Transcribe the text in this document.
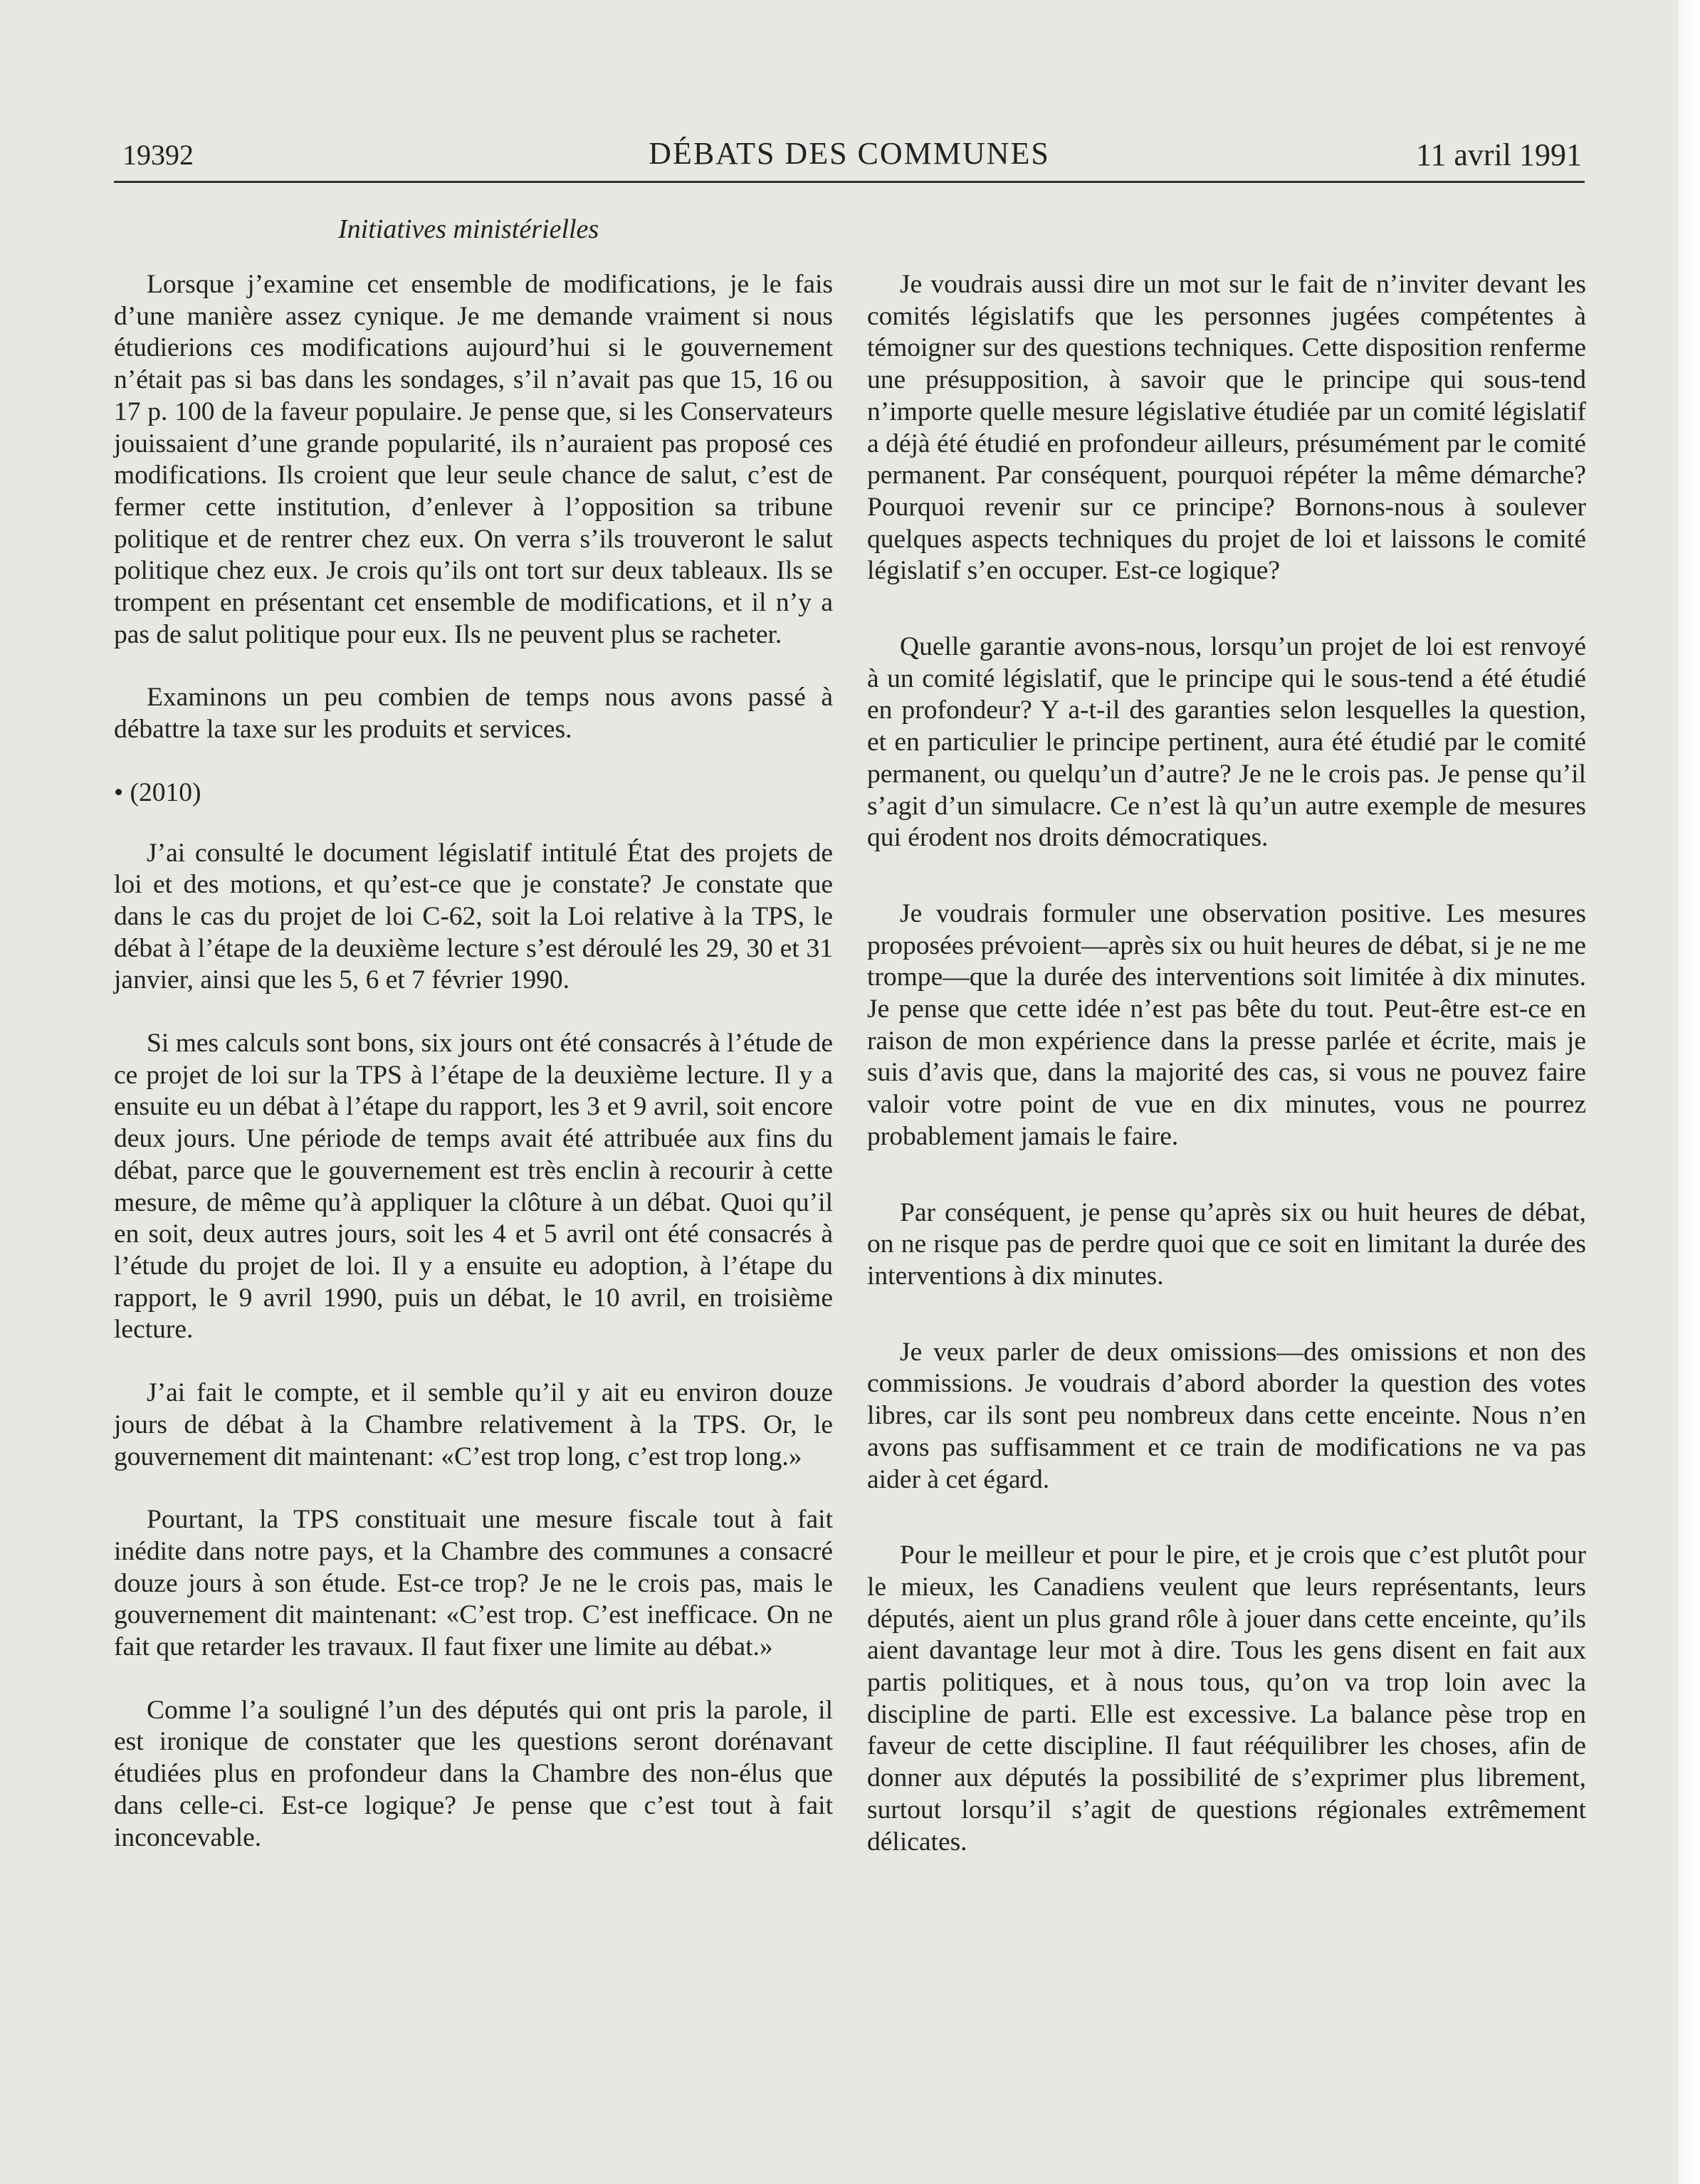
19392	DÉBATS DES COMMUNES	11 avril 1991
Initiatives ministérielles

Lorsque j’examine cet ensemble de modifications, je le fais d’une manière assez cynique. Je me demande vraiment si nous étudierions ces modifications aujourd’hui si le gouvernement n’était pas si bas dans les sondages, s’il n’avait pas que 15, 16 ou 17 p. 100 de la faveur populaire. Je pense que, si les Conservateurs jouissaient d’une grande popularité, ils n’auraient pas proposé ces modifications. Ils croient que leur seule chance de salut, c’est de fermer cette institution, d’enlever à l’opposition sa tribune politique et de rentrer chez eux. On verra s’ils trouveront le salut politique chez eux. Je crois qu’ils ont tort sur deux tableaux. Ils se trompent en présentant cet ensemble de modifications, et il n’y a pas de salut politique pour eux. Ils ne peuvent plus se racheter.

Examinons un peu combien de temps nous avons passé à débattre la taxe sur les produits et services.

• (2010)

J’ai consulté le document législatif intitulé État des projets de loi et des motions, et qu’est-ce que je constate? Je constate que dans le cas du projet de loi C-62, soit la Loi relative à la TPS, le débat à l’étape de la deuxième lecture s’est déroulé les 29, 30 et 31 janvier, ainsi que les 5, 6 et 7 février 1990.

Si mes calculs sont bons, six jours ont été consacrés à l’étude de ce projet de loi sur la TPS à l’étape de la deuxième lecture. Il y a ensuite eu un débat à l’étape du rapport, les 3 et 9 avril, soit encore deux jours. Une période de temps avait été attribuée aux fins du débat, parce que le gouvernement est très enclin à recourir à cette mesure, de même qu’à appliquer la clôture à un débat. Quoi qu’il en soit, deux autres jours, soit les 4 et 5 avril ont été consacrés à l’étude du projet de loi. Il y a ensuite eu adoption, à l’étape du rapport, le 9 avril 1990, puis un débat, le 10 avril, en troisième lecture.

J’ai fait le compte, et il semble qu’il y ait eu environ douze jours de débat à la Chambre relativement à la TPS. Or, le gouvernement dit maintenant: «C’est trop long, c’est trop long.»

Pourtant, la TPS constituait une mesure fiscale tout à fait inédite dans notre pays, et la Chambre des communes a consacré douze jours à son étude. Est-ce trop? Je ne le crois pas, mais le gouvernement dit maintenant: «C’est trop. C’est inefficace. On ne fait que retarder les travaux. Il faut fixer une limite au débat.»

Comme l’a souligné l’un des députés qui ont pris la parole, il est ironique de constater que les questions seront dorénavant étudiées plus en profondeur dans la Chambre des non-élus que dans celle-ci. Est-ce logique? Je pense que c’est tout à fait inconcevable.

Je voudrais aussi dire un mot sur le fait de n’inviter devant les comités législatifs que les personnes jugées compétentes à témoigner sur des questions techniques. Cette disposition renferme une présupposition, à savoir que le principe qui sous-tend n’importe quelle mesure législative étudiée par un comité législatif a déjà été étudié en profondeur ailleurs, présumément par le comité permanent. Par conséquent, pourquoi répéter la même démarche? Pourquoi revenir sur ce principe? Bornons-nous à soulever quelques aspects techniques du projet de loi et laissons le comité législatif s’en occuper. Est-ce logique?

Quelle garantie avons-nous, lorsqu’un projet de loi est renvoyé à un comité législatif, que le principe qui le sous-tend a été étudié en profondeur? Y a-t-il des garanties selon lesquelles la question, et en particulier le principe pertinent, aura été étudié par le comité permanent, ou quelqu’un d’autre? Je ne le crois pas. Je pense qu’il s’agit d’un simulacre. Ce n’est là qu’un autre exemple de mesures qui érodent nos droits démocratiques.

Je voudrais formuler une observation positive. Les mesures proposées prévoient—après six ou huit heures de débat, si je ne me trompe—que la durée des interventions soit limitée à dix minutes. Je pense que cette idée n’est pas bête du tout. Peut-être est-ce en raison de mon expérience dans la presse parlée et écrite, mais je suis d’avis que, dans la majorité des cas, si vous ne pouvez faire valoir votre point de vue en dix minutes, vous ne pourrez probablement jamais le faire.

Par conséquent, je pense qu’après six ou huit heures de débat, on ne risque pas de perdre quoi que ce soit en limitant la durée des interventions à dix minutes.

Je veux parler de deux omissions—des omissions et non des commissions. Je voudrais d’abord aborder la question des votes libres, car ils sont peu nombreux dans cette enceinte. Nous n’en avons pas suffisamment et ce train de modifications ne va pas aider à cet égard.

Pour le meilleur et pour le pire, et je crois que c’est plutôt pour le mieux, les Canadiens veulent que leurs représentants, leurs députés, aient un plus grand rôle à jouer dans cette enceinte, qu’ils aient davantage leur mot à dire. Tous les gens disent en fait aux partis politiques, et à nous tous, qu’on va trop loin avec la discipline de parti. Elle est excessive. La balance pèse trop en faveur de cette discipline. Il faut rééquilibrer les choses, afin de donner aux députés la possibilité de s’exprimer plus librement, surtout lorsqu’il s’agit de questions régionales extrêmement délicates.
